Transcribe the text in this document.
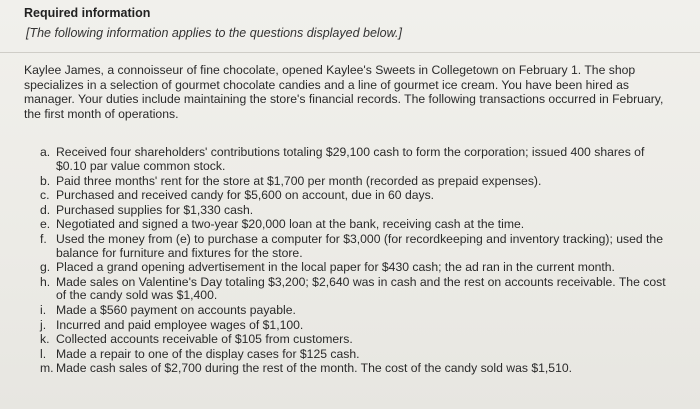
Required information
[The following information applies to the questions displayed below.]

Kaylee James, a connoisseur of fine chocolate, opened Kaylee's Sweets in Collegetown on February 1. The shop specializes in a selection of gourmet chocolate candies and a line of gourmet ice cream. You have been hired as manager. Your duties include maintaining the store's financial records. The following transactions occurred in February, the first month of operations.

a. Received four shareholders' contributions totaling $29,100 cash to form the corporation; issued 400 shares of $0.10 par value common stock.
b. Paid three months' rent for the store at $1,700 per month (recorded as prepaid expenses).
c. Purchased and received candy for $5,600 on account, due in 60 days.
d. Purchased supplies for $1,330 cash.
e. Negotiated and signed a two-year $20,000 loan at the bank, receiving cash at the time.
f. Used the money from (e) to purchase a computer for $3,000 (for recordkeeping and inventory tracking); used the balance for furniture and fixtures for the store.
g. Placed a grand opening advertisement in the local paper for $430 cash; the ad ran in the current month.
h. Made sales on Valentine's Day totaling $3,200; $2,640 was in cash and the rest on accounts receivable. The cost of the candy sold was $1,400.
i. Made a $560 payment on accounts payable.
j. Incurred and paid employee wages of $1,100.
k. Collected accounts receivable of $105 from customers.
l. Made a repair to one of the display cases for $125 cash.
m. Made cash sales of $2,700 during the rest of the month. The cost of the candy sold was $1,510.
